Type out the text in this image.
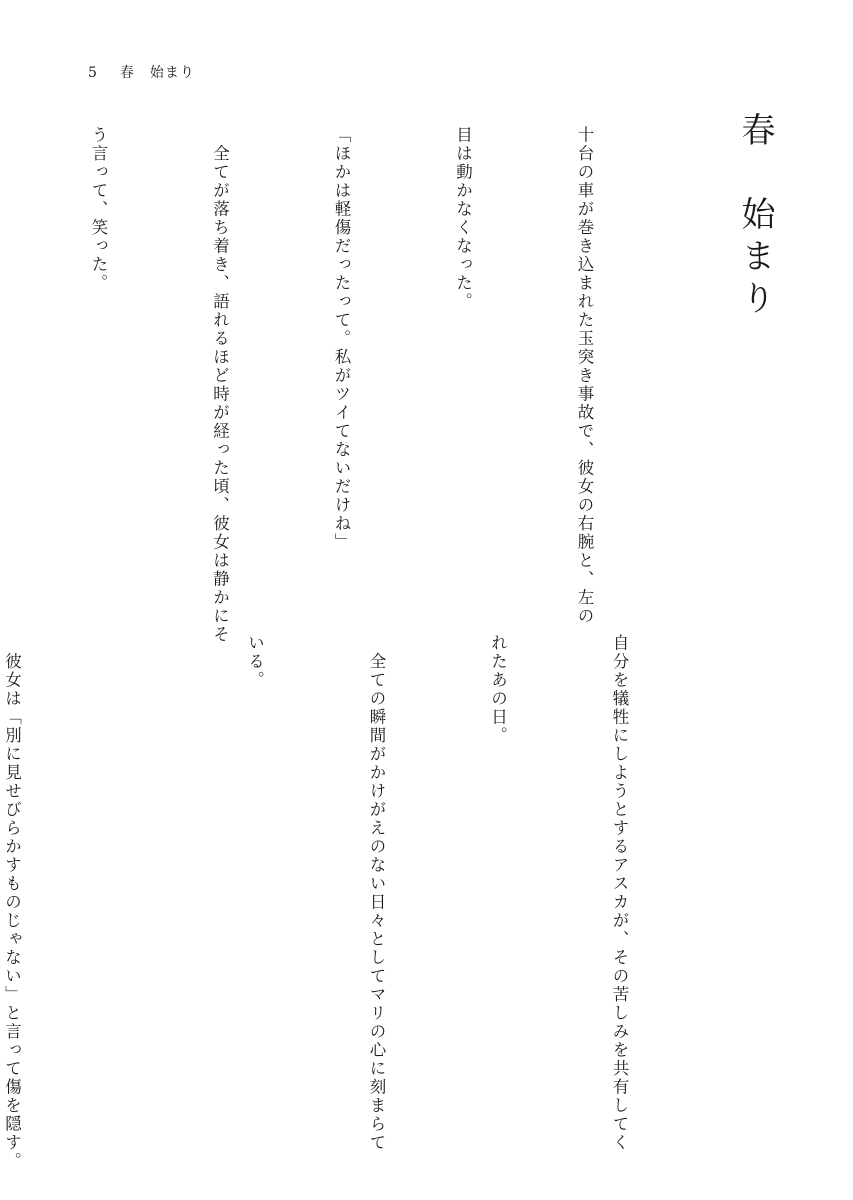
5 春　始まり
春　始まり

十台の車が巻き込まれた玉突き事故で、彼女の右腕と、左の

目は動かなくなった。

「ほかは軽傷だったって。私がツイてないだけね」

　全てが落ち着き、語れるほど時が経った頃、彼女は静かにそ

う言って、笑った。

自分を犠牲にしようとするアスカが、その苦しみを共有してく

れたあの日。

　全ての瞬間がかけがえのない日々としてマリの心に刻まらて

いる。

　彼女は「別に見せびらかすものじゃない」と言って傷を隠す。
